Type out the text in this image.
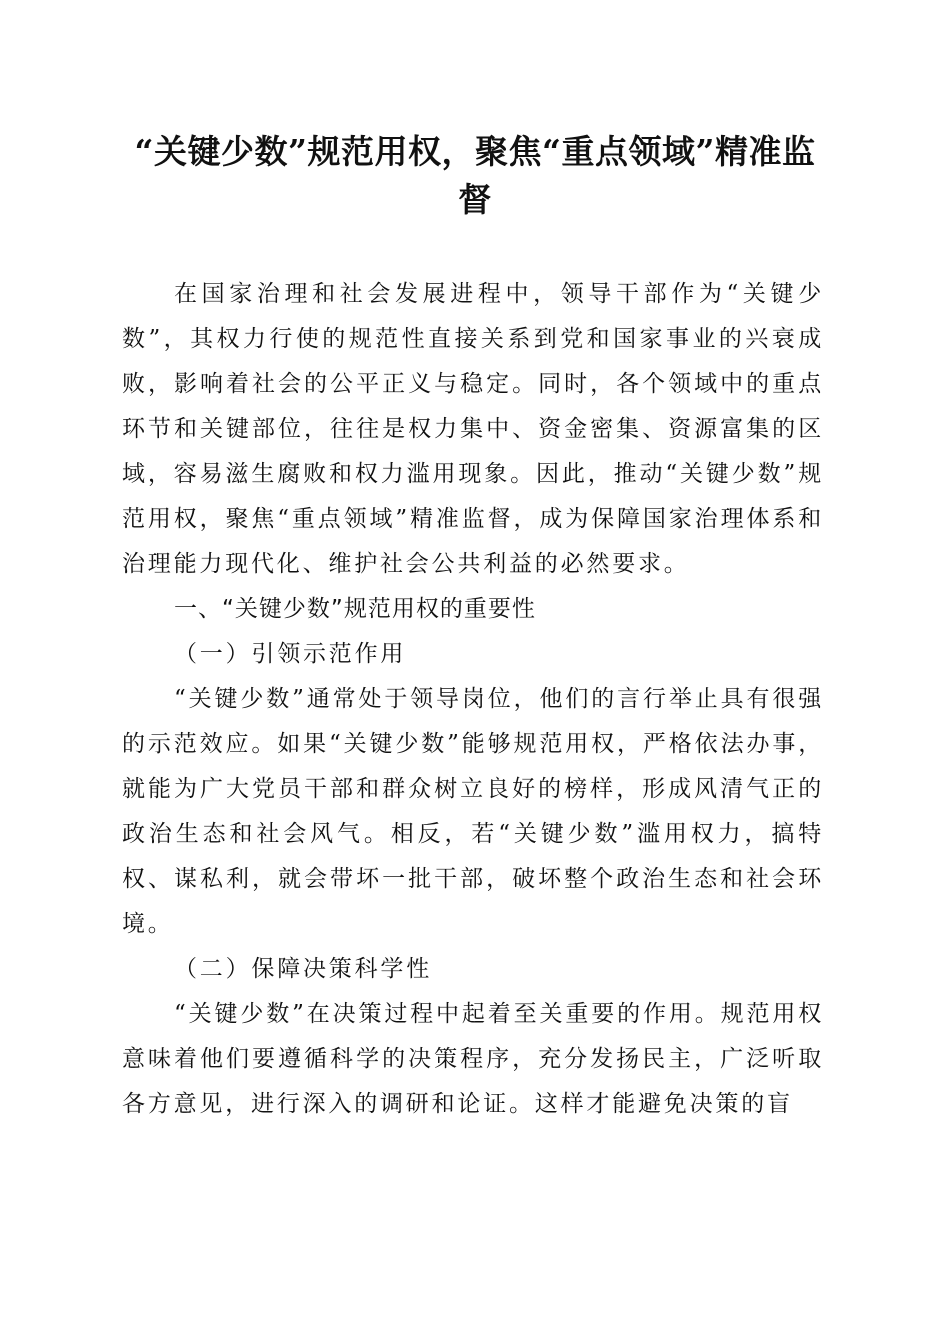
“关键少数”规范用权，聚焦“重点领域”精准监督

在国家治理和社会发展进程中，领导干部作为“关键少数”，其权力行使的规范性直接关系到党和国家事业的兴衰成败，影响着社会的公平正义与稳定。同时，各个领域中的重点环节和关键部位，往往是权力集中、资金密集、资源富集的区域，容易滋生腐败和权力滥用现象。因此，推动“关键少数”规范用权，聚焦“重点领域”精准监督，成为保障国家治理体系和治理能力现代化、维护社会公共利益的必然要求。

一、“关键少数”规范用权的重要性

（一）引领示范作用

“关键少数”通常处于领导岗位，他们的言行举止具有很强的示范效应。如果“关键少数”能够规范用权，严格依法办事，就能为广大党员干部和群众树立良好的榜样，形成风清气正的政治生态和社会风气。相反，若“关键少数”滥用权力，搞特权、谋私利，就会带坏一批干部，破坏整个政治生态和社会环境。

（二）保障决策科学性

“关键少数”在决策过程中起着至关重要的作用。规范用权意味着他们要遵循科学的决策程序，充分发扬民主，广泛听取各方意见，进行深入的调研和论证。这样才能避免决策的盲
